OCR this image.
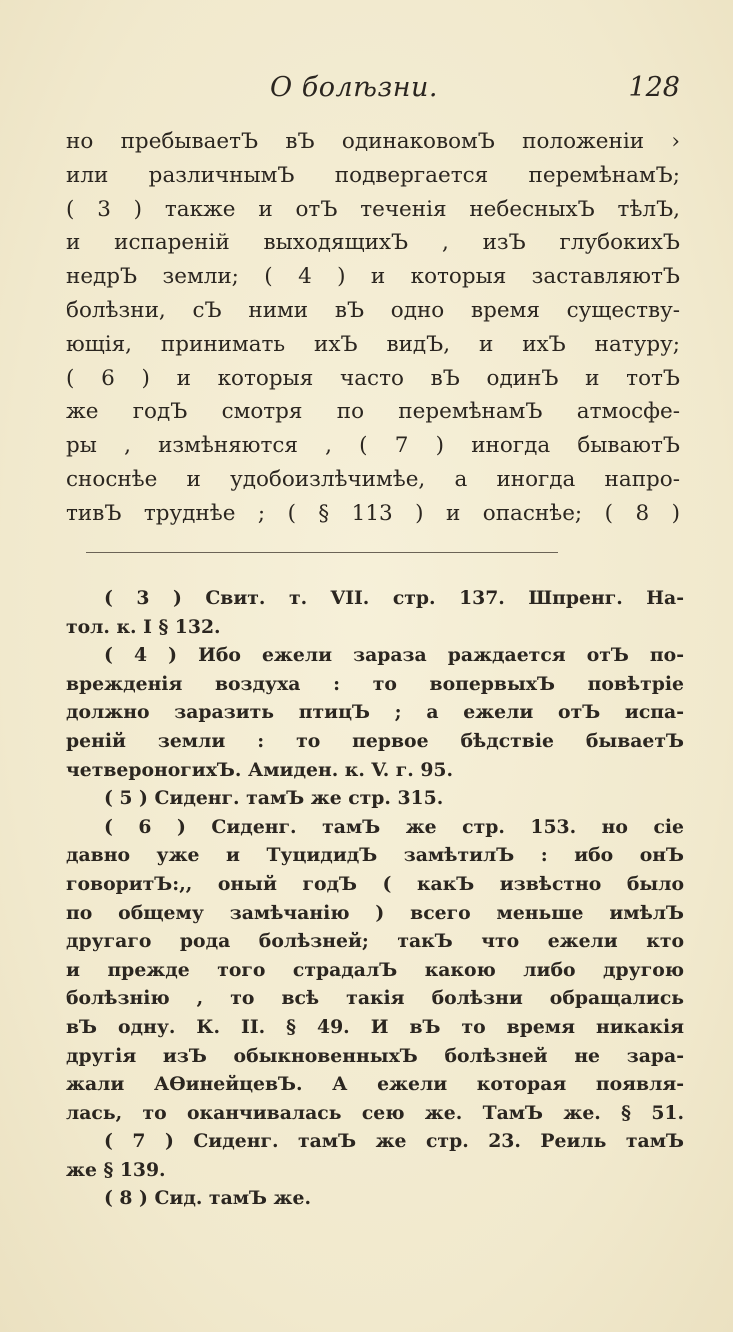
О болѣзни.	128
но пребываетЪ вЪ одинаковомЪ положенiи ›
или различнымЪ подвергается перемѣнамЪ;
( 3 ) также и отЪ теченiя небесныхЪ тѣлЪ,
и испаренiй выходящихЪ , изЪ глубокихЪ
недрЪ земли; ( 4 ) и которыя заставляютЪ
болѣзни, сЪ ними вЪ одно время существу-
ющiя, принимать ихЪ видЪ, и ихЪ натуру;
( 6 ) и которыя часто вЪ одинЪ и тотЪ
же годЪ смотря по перемѣнамЪ атмосфе-
ры , измѣняются , ( 7 ) иногда бываютЪ
сноснѣе и удобоизлѣчимѣе, а иногда напро-
тивЪ труднѣе ; ( § 113 ) и опаснѣе; ( 8 )
( 3 ) Свит. т. VII. стр. 137. Шпренг. На-
тол. к. I § 132.
( 4 ) Ибо ежели зараза раждается отЪ по-
врежденiя воздуха : то вопервыхЪ повѣтрiе
должно заразить птицЪ ; а ежели отЪ испа-
ренiй земли : то первое бѣдствiе бываетЪ
четвероногихЪ. Амиден. к. V. г. 95.
( 5 ) Сиденг. тамЪ же стр. 315.
( 6 ) Сиденг. тамЪ же стр. 153. но сiе
давно уже и ТуцидидЪ замѣтилЪ : ибо онЪ
говоритЪ:,, оный годЪ ( какЪ извѣстно было
по общему замѣчанiю ) всего меньше имѣлЪ
другаго рода болѣзней; такЪ что ежели кто
и прежде того страдалЪ какою либо другою
болѣзнiю , то всѣ такiя болѣзни обращались
вЪ одну. К. II. § 49. И вЪ то время никакiя
другiя изЪ обыкновенныхЪ болѣзней не зара-
жали АѲинейцевЪ. А ежели которая появля-
лась, то оканчивалась сею же. ТамЪ же. § 51.
( 7 ) Сиденг. тамЪ же стр. 23. Реиль тамЪ
же § 139.
( 8 ) Сид. тамЪ же.
